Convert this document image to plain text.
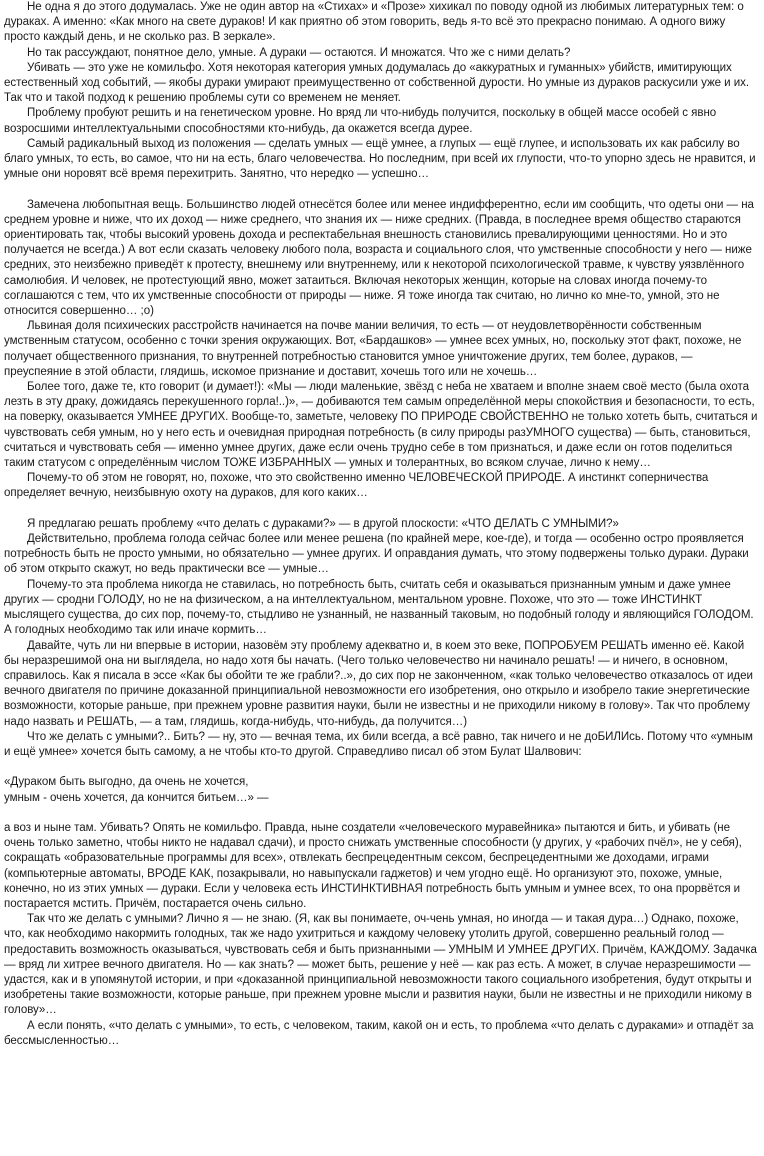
Не одна я до этого додумалась. Уже не один автор на «Стихах» и «Прозе» хихикал по поводу одной из любимых литературных тем: о дураках. А именно: «Как много на свете дураков! И как приятно об этом говорить, ведь я-то всё это прекрасно понимаю. А одного вижу просто каждый день, и не сколько раз. В зеркале».

Но так рассуждают, понятное дело, умные. А дураки — остаются. И множатся. Что же с ними делать?

Убивать — это уже не комильфо. Хотя некоторая категория умных додумалась до «аккуратных и гуманных» убийств, имитирующих естественный ход событий, — якобы дураки умирают преимущественно от собственной дурости. Но умные из дураков раскусили уже и их. Так что и такой подход к решению проблемы сути со временем не меняет.

Проблему пробуют решить и на генетическом уровне. Но вряд ли что-нибудь получится, поскольку в общей массе особей с явно возросшими интеллектуальными способностями кто-нибудь, да окажется всегда дурее.

Самый радикальный выход из положения — сделать умных — ещё умнее, а глупых — ещё глупее, и использовать их как рабсилу во благо умных, то есть, во самое, что ни на есть, благо человечества. Но последним, при всей их глупости, что-то упорно здесь не нравится, и умные они норовят всё время перехитрить. Занятно, что нередко — успешно…

Замечена любопытная вещь. Большинство людей отнесётся более или менее индифферентно, если им сообщить, что одеты они — на среднем уровне и ниже, что их доход — ниже среднего, что знания их — ниже средних. (Правда, в последнее время общество стараются ориентировать так, чтобы высокий уровень дохода и респектабельная внешность становились превалирующими ценностями. Но и это получается не всегда.) А вот если сказать человеку любого пола, возраста и социального слоя, что умственные способности у него — ниже средних, это неизбежно приведёт к протесту, внешнему или внутреннему, или к некоторой психологической травме, к чувству уязвлённого самолюбия. И человек, не протестующий явно, может затаиться. Включая некоторых женщин, которые на словах иногда почему-то соглашаются с тем, что их умственные способности от природы — ниже. Я тоже иногда так считаю, но лично ко мне-то, умной, это не относится совершенно… ;о)

Львиная доля психических расстройств начинается на почве мании величия, то есть — от неудовлетворённости собственным умственным статусом, особенно с точки зрения окружающих. Вот, «Бардашков» — умнее всех умных, но, поскольку этот факт, похоже, не получает общественного признания, то внутренней потребностью становится умное уничтожение других, тем более, дураков, — преуспеяние в этой области, глядишь, искомое признание и доставит, хочешь того или не хочешь…

Более того, даже те, кто говорит (и думает!): «Мы — люди маленькие, звёзд с неба не хватаем и вполне знаем своё место (была охота лезть в эту драку, дожидаясь перекушенного горла!..)», — добиваются тем самым определённой меры спокойствия и безопасности, то есть, на поверку, оказывается УМНЕЕ ДРУГИХ. Вообще-то, заметьте, человеку ПО ПРИРОДЕ СВОЙСТВЕННО не только хотеть быть, считаться и чувствовать себя умным, но у него есть и очевидная природная потребность (в силу природы разУМНОГО существа) — быть, становиться, считаться и чувствовать себя — именно умнее других, даже если очень трудно себе в том признаться, и даже если он готов поделиться таким статусом с определённым числом ТОЖЕ ИЗБРАННЫХ — умных и толерантных, во всяком случае, лично к нему…

Почему-то об этом не говорят, но, похоже, что это свойственно именно ЧЕЛОВЕЧЕСКОЙ ПРИРОДЕ. А инстинкт соперничества определяет вечную, неизбывную охоту на дураков, для кого каких…

Я предлагаю решать проблему «что делать с дураками?» — в другой плоскости: «ЧТО ДЕЛАТЬ С УМНЫМИ?»

Действительно, проблема голода сейчас более или менее решена (по крайней мере, кое-где), и тогда — особенно остро проявляется потребность быть не просто умными, но обязательно — умнее других. И оправдания думать, что этому подвержены только дураки. Дураки об этом открыто скажут, но ведь практически все — умные…

Почему-то эта проблема никогда не ставилась, но потребность быть, считать себя и оказываться признанным умным и даже умнее других — сродни ГОЛОДУ, но не на физическом, а на интеллектуальном, ментальном уровне. Похоже, что это — тоже ИНСТИНКТ мыслящего существа, до сих пор, почему-то, стыдливо не узнанный, не названный таковым, но подобный голоду и являющийся ГОЛОДОМ. А голодных необходимо так или иначе кормить…

Давайте, чуть ли ни впервые в истории, назовём эту проблему адекватно и, в коем это веке, ПОПРОБУЕМ РЕШАТЬ именно её. Какой бы неразрешимой она ни выглядела, но надо хотя бы начать. (Чего только человечество ни начинало решать! — и ничего, в основном, справилось. Как я писала в эссе «Как бы обойти те же грабли?..», до сих пор не законченном, «как только человечество отказалось от идеи вечного двигателя по причине доказанной принципиальной невозможности его изобретения, оно открыло и изобрело такие энергетические возможности, которые раньше, при прежнем уровне развития науки, были не известны и не приходили никому в голову». Так что проблему надо назвать и РЕШАТЬ, — а там, глядишь, когда-нибудь, что-нибудь, да получится…)

Что же делать с умными?.. Бить? — ну, это — вечная тема, их били всегда, а всё равно, так ничего и не доБИЛИсь. Потому что «умным и ещё умнее» хочется быть самому, а не чтобы кто-то другой. Справедливо писал об этом Булат Шалвович:

«Дураком быть выгодно, да очень не хочется,

умным - очень хочется, да кончится битьем…» —

а воз и ныне там. Убивать? Опять не комильфо. Правда, ныне создатели «человеческого муравейника» пытаются и бить, и убивать (не очень только заметно, чтобы никто не надавал сдачи), и просто снижать умственные способности (у других, у «рабочих пчёл», не у себя), сокращать «образовательные программы для всех», отвлекать беспрецедентным сексом, беспрецедентными же доходами, играми (компьютерные автоматы, ВРОДЕ КАК, позакрывали, но навыпускали гаджетов) и чем угодно ещё. Но организуют это, похоже, умные, конечно, но из этих умных — дураки. Если у человека есть ИНСТИНКТИВНАЯ потребность быть умным и умнее всех, то она прорвётся и постарается мстить. Причём, постарается очень сильно.

Так что же делать с умными? Лично я — не знаю. (Я, как вы понимаете, оч-чень умная, но иногда — и такая дура…) Однако, похоже, что, как необходимо накормить голодных, так же надо ухитриться и каждому человеку утолить другой, совершенно реальный голод — предоставить возможность оказываться, чувствовать себя и быть признанными — УМНЫМ И УМНЕЕ ДРУГИХ. Причём, КАЖДОМУ. Задачка — вряд ли хитрее вечного двигателя. Но — как знать? — может быть, решение у неё — как раз есть. А может, в случае неразрешимости — удастся, как и в упомянутой истории, и при «доказанной принципиальной невозможности такого социального изобретения, будут открыты и изобретены такие возможности, которые раньше, при прежнем уровне мысли и развития науки, были не известны и не приходили никому в голову»…

А если понять, «что делать с умными», то есть, с человеком, таким, какой он и есть, то проблема «что делать с дураками» и отпадёт за бессмысленностью…
